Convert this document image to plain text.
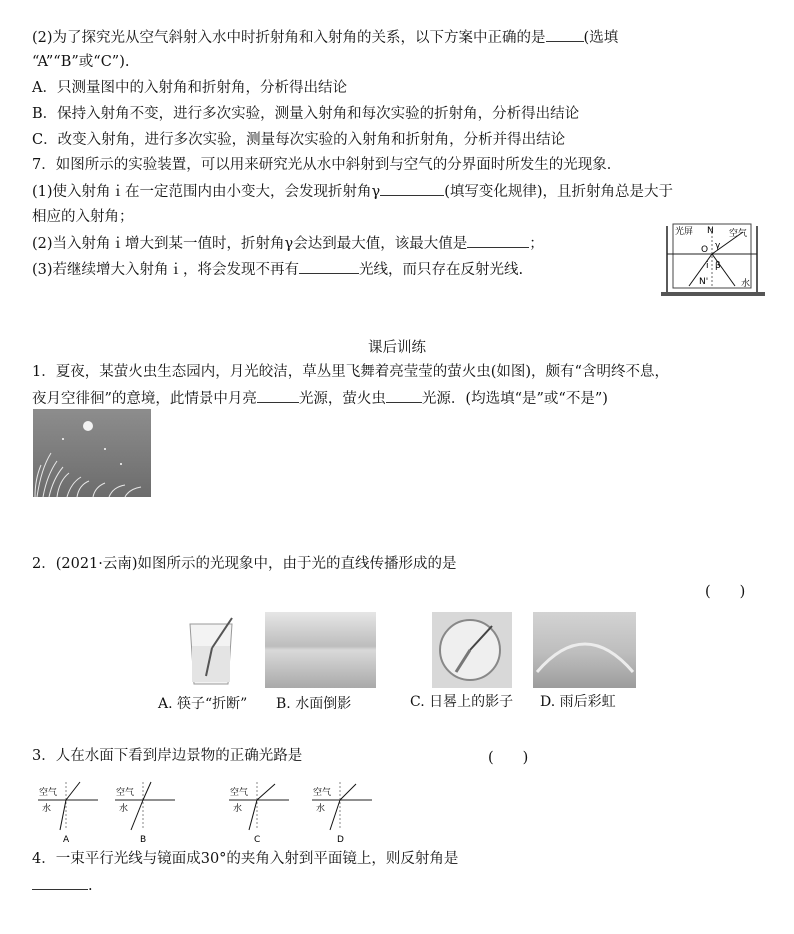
(2)为了探究光从空气斜射入水中时折射角和入射角的关系，以下方案中正确的是	(选填
“A”“B”或“C”).
A．只测量图中的入射角和折射角，分析得出结论
B．保持入射角不变，进行多次实验，测量入射角和每次实验的折射角，分析得出结论
C．改变入射角，进行多次实验，测量每次实验的入射角和折射角，分析并得出结论
7．如图所示的实验装置，可以用来研究光从水中斜射到与空气的分界面时所发生的光现象．
(1)使入射角ｉ在一定范围内由小变大，会发现折射角γ	(填写变化规律)，且折射角总是大于
相应的入射角；
(2)当入射角ｉ增大到某一值时，折射角γ会达到最大值，该最大值是	；
(3)若继续增大入射角ｉ，将会发现不再有	光线，而只存在反射光线.
光屏 N 空气
O γ
i β
N'	水
课后训练
1．夏夜，某萤火虫生态园内，月光皎洁，草丛里飞舞着亮莹莹的萤火虫(如图)，颇有“含明终不息，
夜月空徘徊”的意境，此情景中月亮	光源，萤火虫 光源．(均选填“是”或“不是”)
2．(2021·云南)如图所示的光现象中，由于光的直线传播形成的是
(　　)
A. 筷子“折断” B. 水面倒影	C. 日晷上的影子 D. 雨后彩虹
3．人在水面下看到岸边景物的正确光路是	(　　)
空气
水
A
空气
水
B
空气
水
C
空气
水
D
4．一束平行光线与镜面成30°的夹角入射到平面镜上，则反射角是
.
